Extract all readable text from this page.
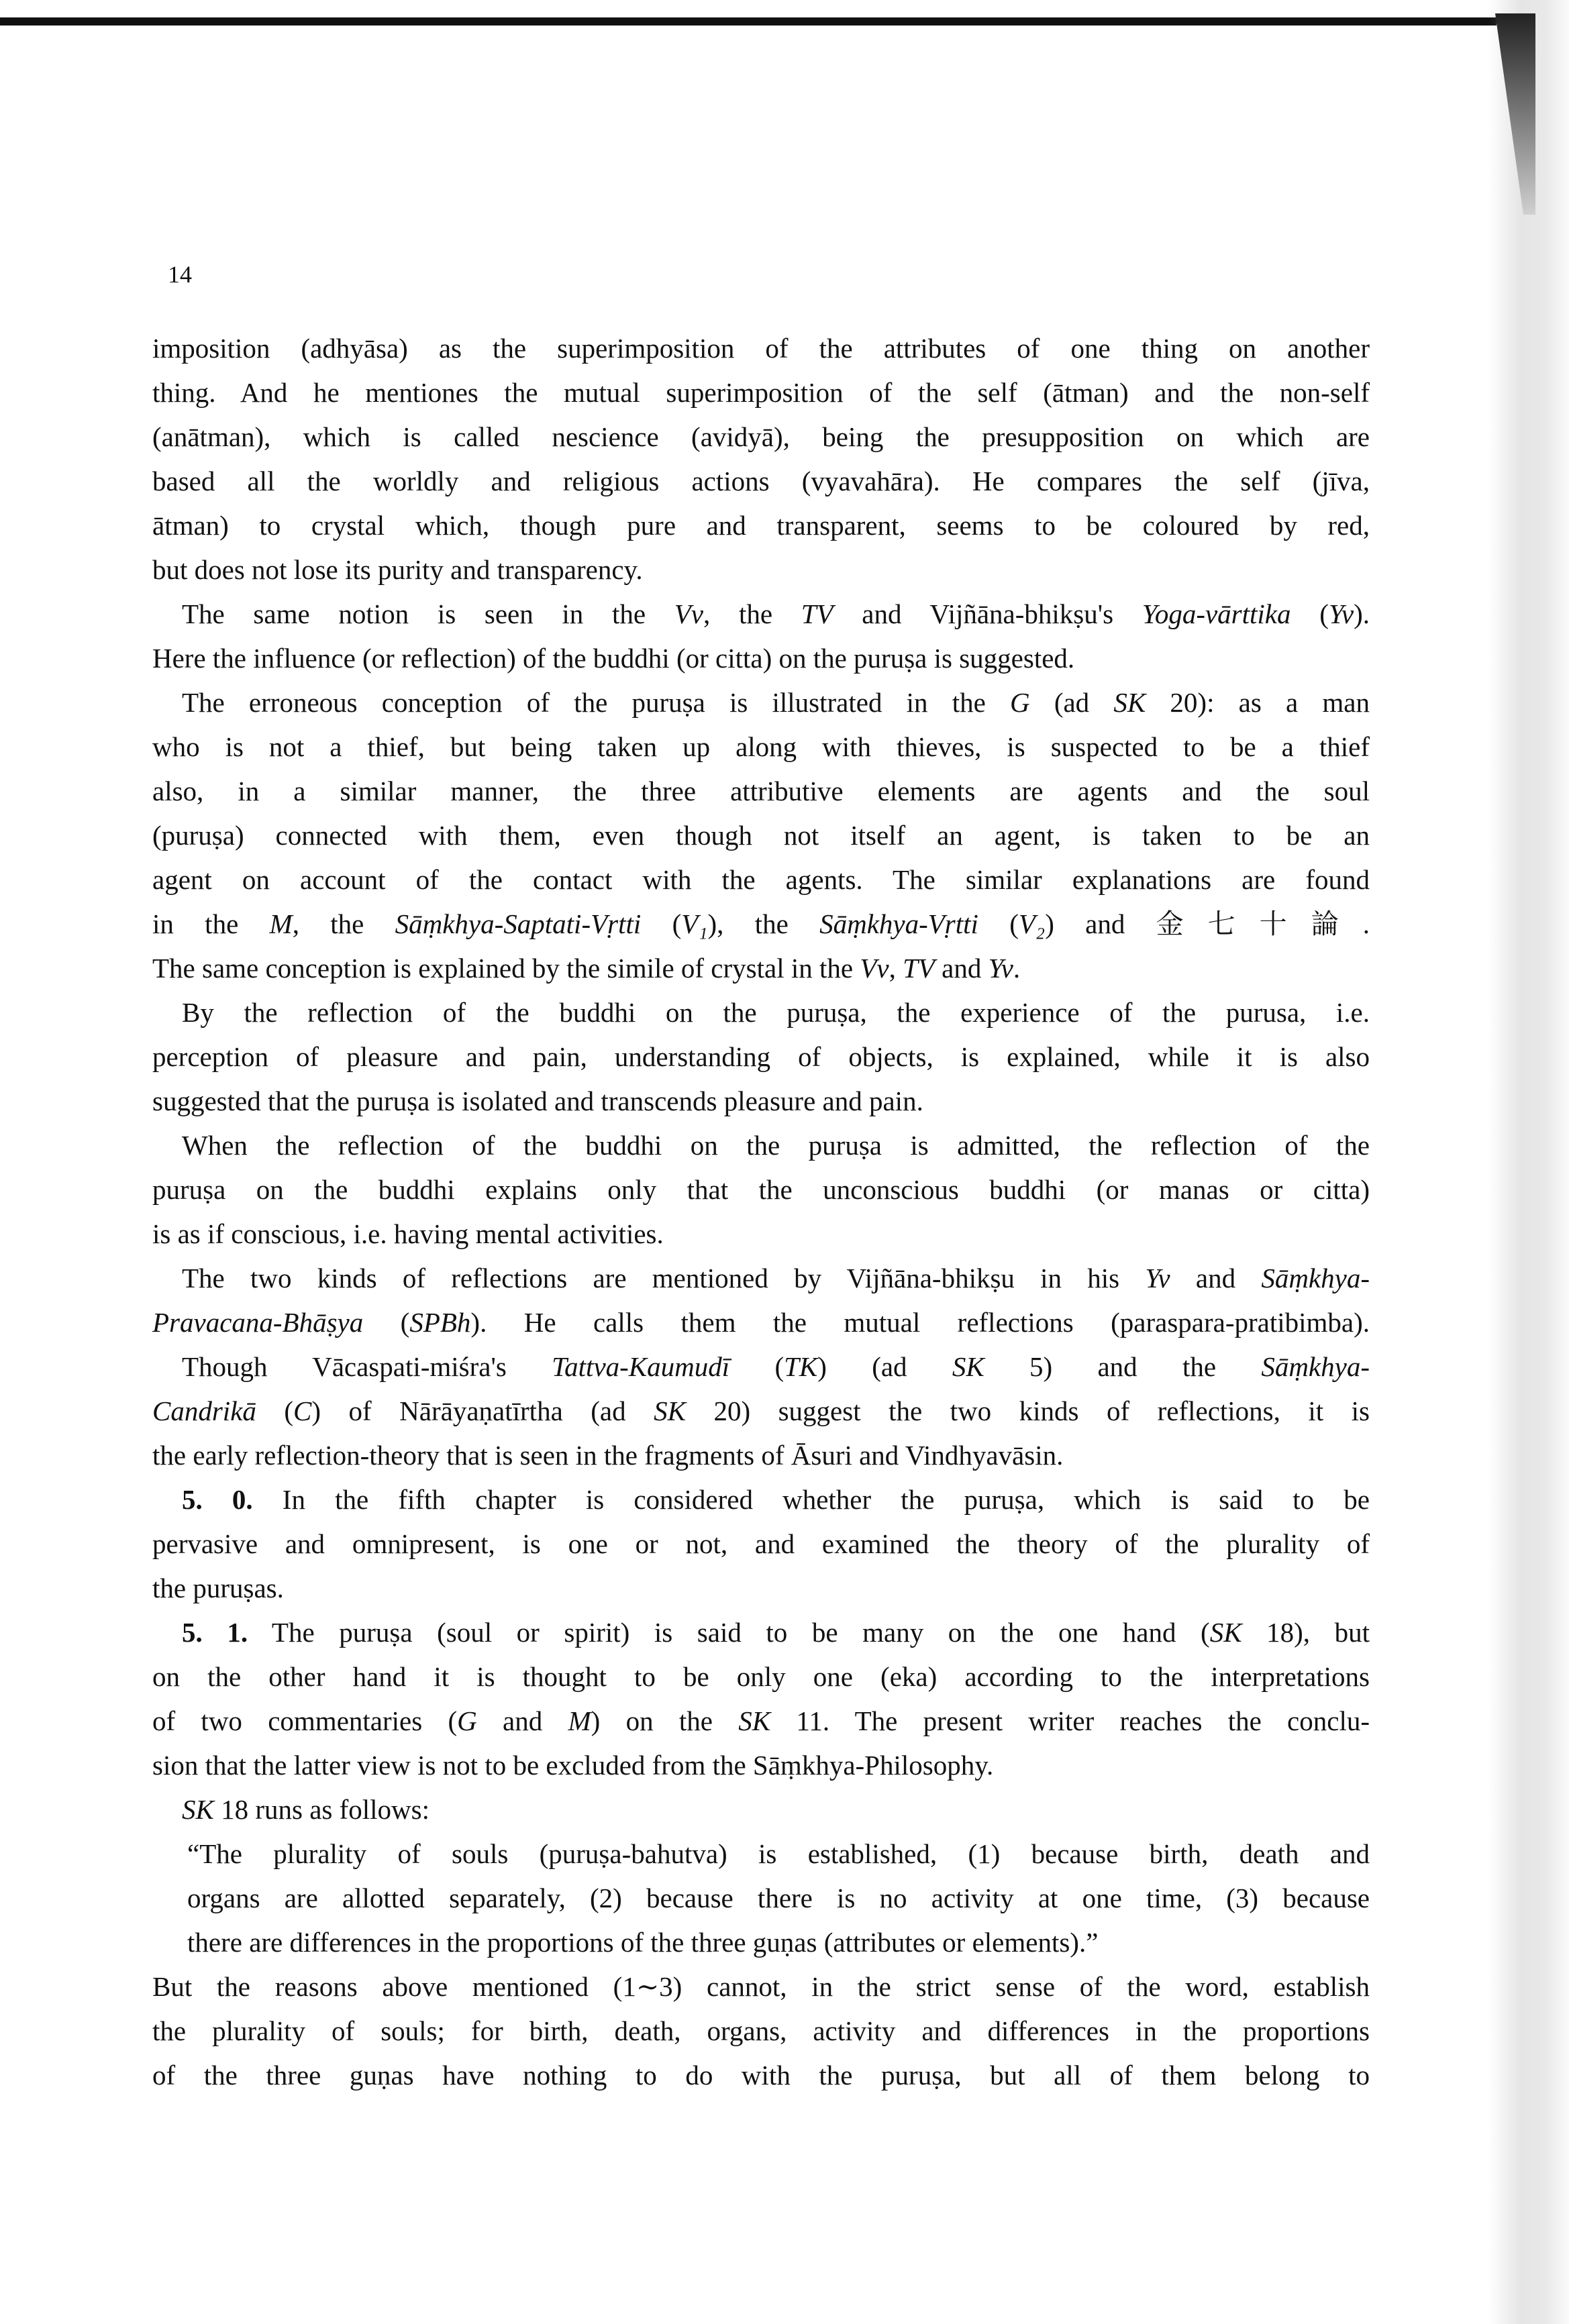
14
imposition (adhyāsa) as the superimposition of the attributes of one thing on another
thing. And he mentiones the mutual superimposition of the self (ātman) and the non-self
(anātman), which is called nescience (avidyā), being the presupposition on which are
based all the worldly and religious actions (vyavahāra). He compares the self (jīva,
ātman) to crystal which, though pure and transparent, seems to be coloured by red,
but does not lose its purity and transparency.
The same notion is seen in the Vv, the TV and Vijñāna-bhikṣu's Yoga-vārttika (Yv).
Here the influence (or reflection) of the buddhi (or citta) on the puruṣa is suggested.
The erroneous conception of the puruṣa is illustrated in the G (ad SK 20): as a man
who is not a thief, but being taken up along with thieves, is suspected to be a thief
also, in a similar manner, the three attributive elements are agents and the soul
(puruṣa) connected with them, even though not itself an agent, is taken to be an
agent on account of the contact with the agents. The similar explanations are found
in the M, the Sāṃkhya-Saptati-Vṛtti (V₁), the Sāṃkhya-Vṛtti (V₂) and 金七十論.
The same conception is explained by the simile of crystal in the Vv, TV and Yv.
By the reflection of the buddhi on the puruṣa, the experience of the purusa, i.e.
perception of pleasure and pain, understanding of objects, is explained, while it is also
suggested that the puruṣa is isolated and transcends pleasure and pain.
When the reflection of the buddhi on the puruṣa is admitted, the reflection of the
puruṣa on the buddhi explains only that the unconscious buddhi (or manas or citta)
is as if conscious, i.e. having mental activities.
The two kinds of reflections are mentioned by Vijñāna-bhikṣu in his Yv and Sāṃkhya-
Pravacana-Bhāṣya (SPBh). He calls them the mutual reflections (paraspara-pratibimba).
Though Vācaspati-miśra's Tattva-Kaumudī (TK) (ad SK 5) and the Sāṃkhya-
Candrikā (C) of Nārāyaṇatīrtha (ad SK 20) suggest the two kinds of reflections, it is
the early reflection-theory that is seen in the fragments of Āsuri and Vindhyavāsin.
5. 0. In the fifth chapter is considered whether the puruṣa, which is said to be
pervasive and omnipresent, is one or not, and examined the theory of the plurality of
the puruṣas.
5. 1. The puruṣa (soul or spirit) is said to be many on the one hand (SK 18), but
on the other hand it is thought to be only one (eka) according to the interpretations
of two commentaries (G and M) on the SK 11. The present writer reaches the conclu-
sion that the latter view is not to be excluded from the Sāṃkhya-Philosophy.
SK 18 runs as follows:
“The plurality of souls (puruṣa-bahutva) is established, (1) because birth, death and
organs are allotted separately, (2) because there is no activity at one time, (3) because
there are differences in the proportions of the three guṇas (attributes or elements).”
But the reasons above mentioned (1∼3) cannot, in the strict sense of the word, establish
the plurality of souls; for birth, death, organs, activity and differences in the proportions
of the three guṇas have nothing to do with the puruṣa, but all of them belong to
